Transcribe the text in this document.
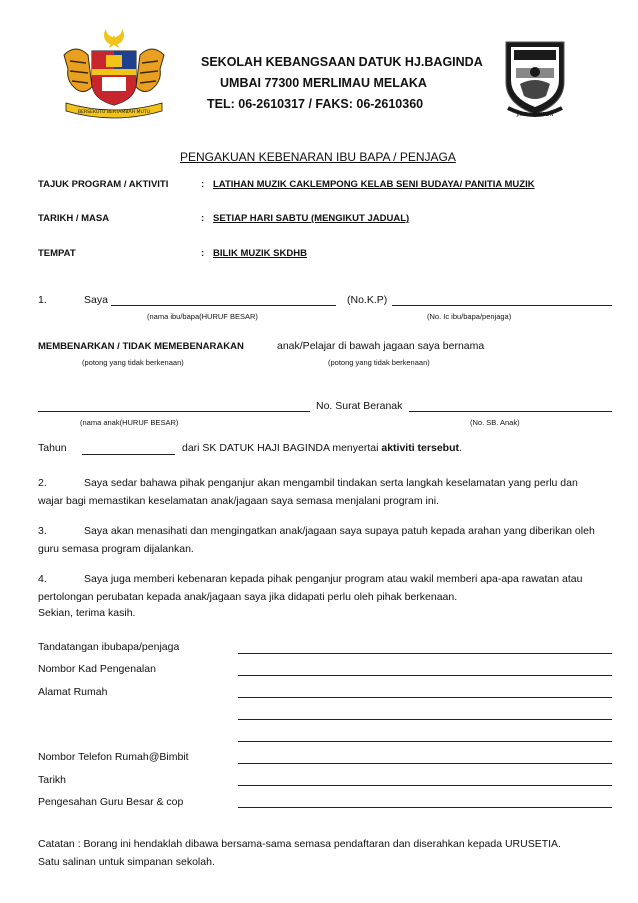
BERSEKUTU BERTAMBAH MUTU	JIWA · DISIPLIN
SEKOLAH KEBANGSAAN DATUK HJ.BAGINDA
UMBAI 77300 MERLIMAU MELAKA
TEL: 06-2610317 / FAKS: 06-2610360
PENGAKUAN KEBENARAN IBU BAPA / PENJAGA
TAJUK PROGRAM / AKTIVITI	: LATIHAN MUZIK CAKLEMPONG KELAB SENI BUDAYA/ PANITIA MUZIK
TARIKH / MASA	: SETIAP HARI SABTU (MENGIKUT JADUAL)
TEMPAT	: BILIK MUZIK SKDHB
1.	Saya	(No.K.P)
(nama ibu/bapa(HURUF BESAR)	(No. Ic ibu/bapa/penjaga)
MEMBENARKAN / TIDAK MEMEBENARAKAN	anak/Pelajar di bawah jagaan saya bernama
(potong yang tidak berkenaan)	(potong yang tidak berkenaan)
No. Surat Beranak
(nama anak(HURUF BESAR)	(No. SB. Anak)
Tahun	dari SK DATUK HAJI BAGINDA menyertai aktiviti tersebut.
2.	Saya sedar bahawa pihak penganjur akan mengambil tindakan serta langkah keselamatan yang perlu dan
wajar bagi memastikan keselamatan anak/jagaan saya semasa menjalani program ini.
3.	Saya akan menasihati dan mengingatkan anak/jagaan saya supaya patuh kepada arahan yang diberikan oleh
guru semasa program dijalankan.
4.	Saya juga memberi kebenaran kepada pihak penganjur program atau wakil memberi apa-apa rawatan atau
pertolongan perubatan kepada anak/jagaan saya jika didapati perlu oleh pihak berkenaan.
Sekian, terima kasih.
Tandatangan ibubapa/penjaga
Nombor Kad Pengenalan
Alamat Rumah
Nombor Telefon Rumah@Bimbit
Tarikh
Pengesahan Guru Besar & cop
Catatan : Borang ini hendaklah dibawa bersama-sama semasa pendaftaran dan diserahkan kepada URUSETIA.
Satu salinan untuk simpanan sekolah.
